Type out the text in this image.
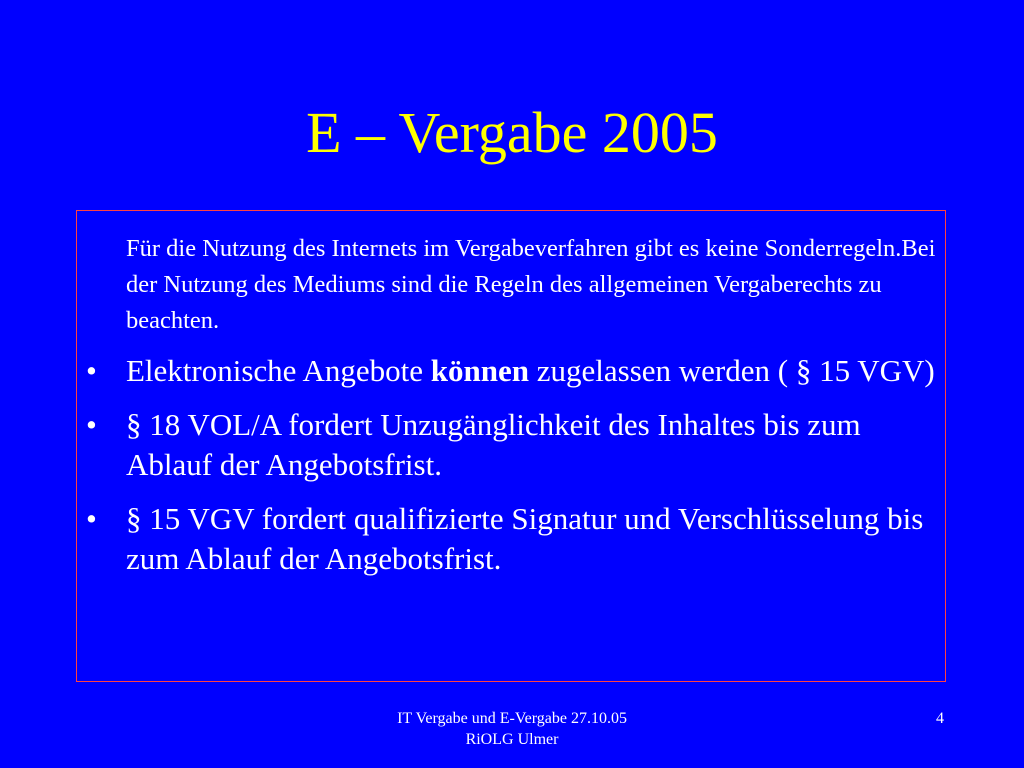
E – Vergabe 2005

Für die Nutzung des Internets im Vergabeverfahren gibt es keine Sonderregeln.Bei der Nutzung des Mediums sind die Regeln des allgemeinen Vergaberechts zu beachten.

• Elektronische Angebote können zugelassen werden ( § 15 VGV)
• § 18 VOL/A fordert Unzugänglichkeit des Inhaltes bis zum Ablauf der Angebotsfrist.
• § 15 VGV fordert qualifizierte Signatur und Verschlüsselung bis zum Ablauf der Angebotsfrist.
IT Vergabe und E-Vergabe 27.10.05
RiOLG Ulmer
4
